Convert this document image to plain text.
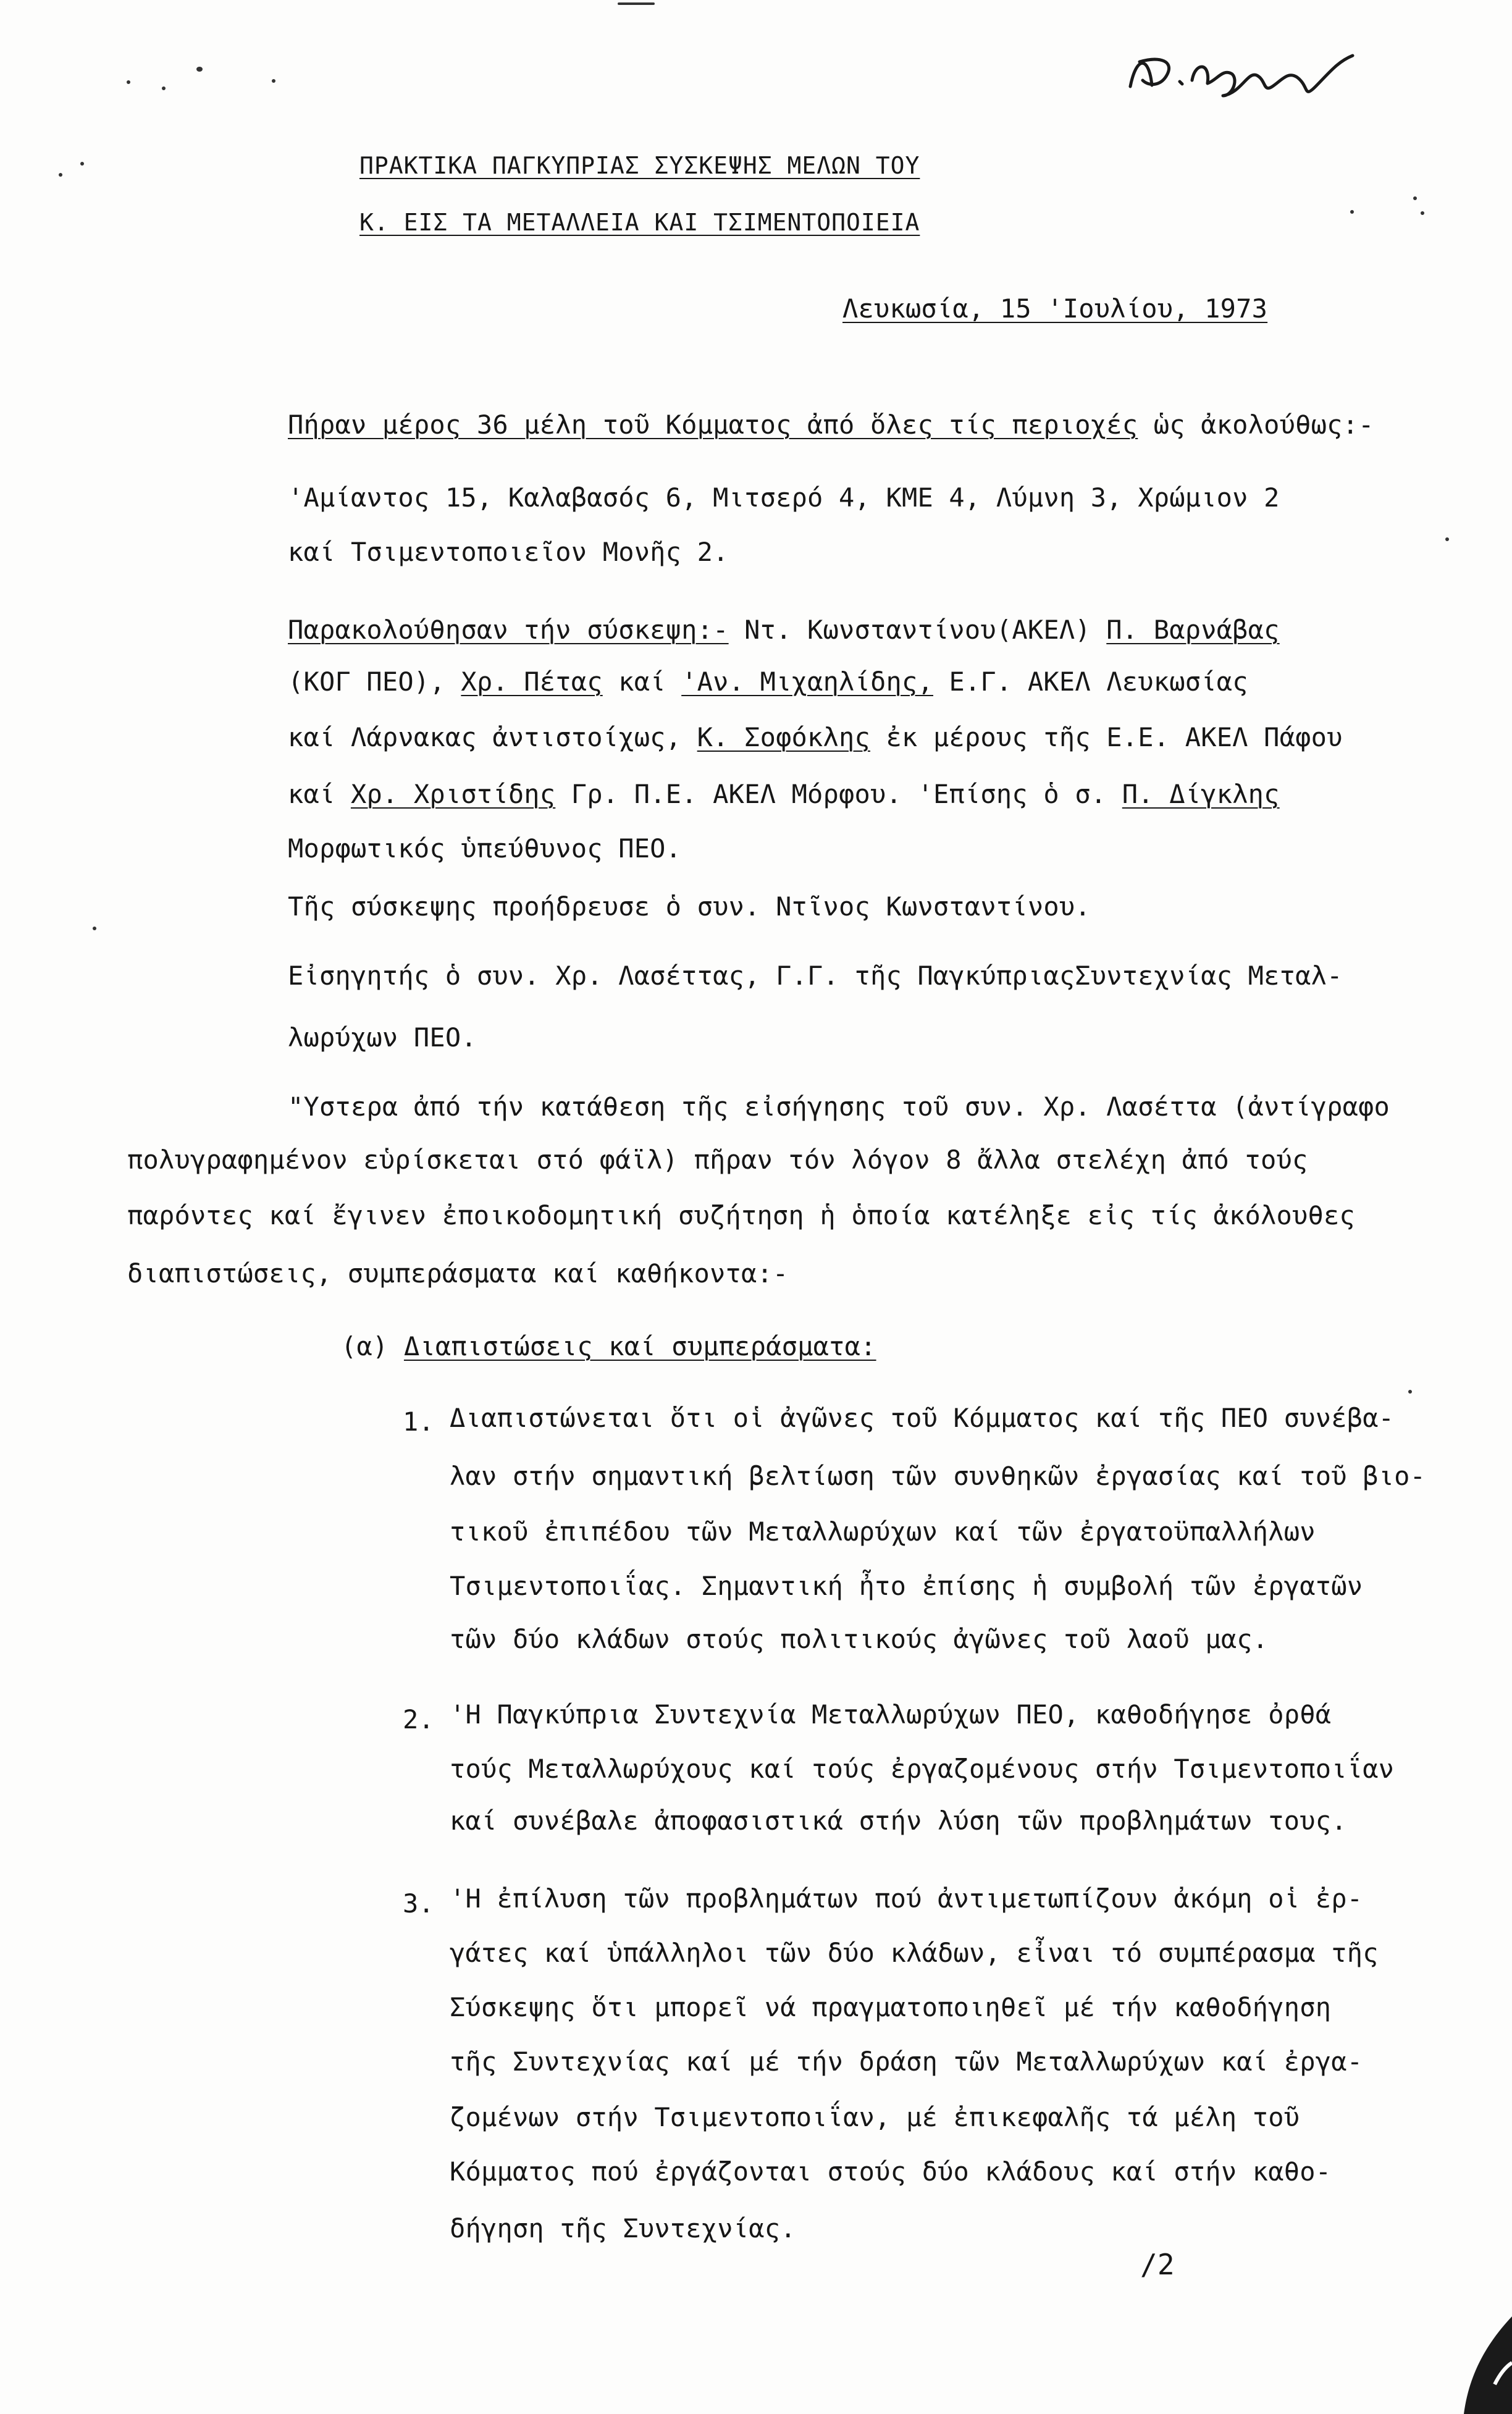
ΠΡΑΚΤΙΚΑ ΠΑΓΚΥΠΡΙΑΣ ΣΥΣΚΕΨΗΣ ΜΕΛΩΝ ΤΟΥ
Κ. ΕΙΣ ΤΑ ΜΕΤΑΛΛΕΙΑ ΚΑΙ ΤΣΙΜΕΝΤΟΠΟΙΕΙΑ
Λευκωσία, 15 'Ιουλίου, 1973
Πήραν μέρος 36 μέλη τοῦ Κόμματος ἀπό ὅλες τίς περιοχές ὡς ἀκολούθως:-
'Αμίαντος 15, Καλαβασός 6, Μιτσερό 4, ΚΜΕ 4, Λύμνη 3, Χρώμιον 2
καί Τσιμεντοποιεῖον Μονῆς 2.
Παρακολούθησαν τήν σύσκεψη:- Ντ. Κωνσταντίνου(ΑΚΕΛ) Π. Βαρνάβας
(ΚΟΓ ΠΕΟ), Χρ. Πέτας καί 'Αν. Μιχαηλίδης, Ε.Γ. ΑΚΕΛ Λευκωσίας
καί Λάρνακας ἀντιστοίχως, Κ. Σοφόκλης ἐκ μέρους τῆς Ε.Ε. ΑΚΕΛ Πάφου
καί Χρ. Χριστίδης Γρ. Π.Ε. ΑΚΕΛ Μόρφου. 'Επίσης ὁ σ. Π. Δίγκλης
Μορφωτικός ὑπεύθυνος ΠΕΟ.
Τῆς σύσκεψης προήδρευσε ὁ συν. Ντῖνος Κωνσταντίνου.
Εἰσηγητής ὁ συν. Χρ. Λασέττας, Γ.Γ. τῆς ΠαγκύπριαςΣυντεχνίας Μεταλ-
λωρύχων ΠΕΟ.
"Υστερα ἀπό τήν κατάθεση τῆς εἰσήγησης τοῦ συν. Χρ. Λασέττα (ἀντίγραφο
πολυγραφημένον εὑρίσκεται στό φάϊλ) πῆραν τόν λόγον 8 ἄλλα στελέχη ἀπό τούς
παρόντες καί ἔγινεν ἐποικοδομητική συζήτηση ἡ ὁποία κατέληξε εἰς τίς ἀκόλουθες
διαπιστώσεις, συμπεράσματα καί καθήκοντα:-
(α) Διαπιστώσεις καί συμπεράσματα:
1. Διαπιστώνεται ὅτι οἱ ἀγῶνες τοῦ Κόμματος καί τῆς ΠΕΟ συνέβα-
λαν στήν σημαντική βελτίωση τῶν συνθηκῶν ἐργασίας καί τοῦ βιο-
τικοῦ ἐπιπέδου τῶν Μεταλλωρύχων καί τῶν ἐργατοϋπαλλήλων
Τσιμεντοποιΐας. Σημαντική ἦτο ἐπίσης ἡ συμβολή τῶν ἐργατῶν
τῶν δύο κλάδων στούς πολιτικούς ἀγῶνες τοῦ λαοῦ μας.
2. 'Η Παγκύπρια Συντεχνία Μεταλλωρύχων ΠΕΟ, καθοδήγησε ὀρθά
τούς Μεταλλωρύχους καί τούς ἐργαζομένους στήν Τσιμεντοποιΐαν
καί συνέβαλε ἀποφασιστικά στήν λύση τῶν προβλημάτων τους.
3. 'Η ἐπίλυση τῶν προβλημάτων πού ἀντιμετωπίζουν ἀκόμη οἱ ἐρ-
γάτες καί ὑπάλληλοι τῶν δύο κλάδων, εἶναι τό συμπέρασμα τῆς
Σύσκεψης ὅτι μπορεῖ νά πραγματοποιηθεῖ μέ τήν καθοδήγηση
τῆς Συντεχνίας καί μέ τήν δράση τῶν Μεταλλωρύχων καί ἐργα-
ζομένων στήν Τσιμεντοποιΐαν, μέ ἐπικεφαλῆς τά μέλη τοῦ
Κόμματος πού ἐργάζονται στούς δύο κλάδους καί στήν καθο-
δήγηση τῆς Συντεχνίας.
/2
